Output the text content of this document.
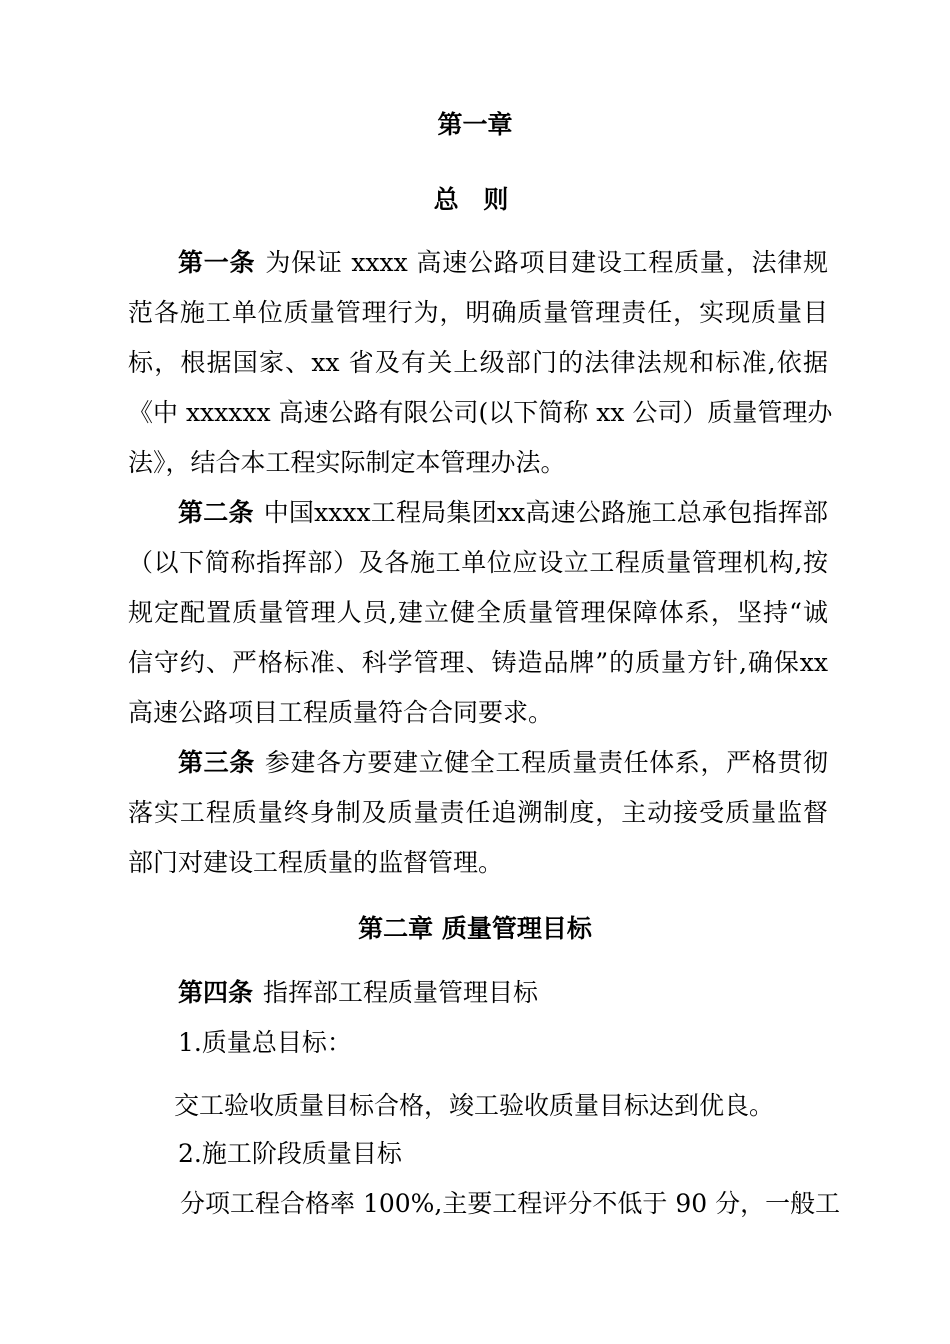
第一章

总 则

第一条 为保证 xxxx 高速公路项目建设工程质量，法律规

范各施工单位质量管理行为，明确质量管理责任，实现质量目

标，根据国家、xx 省及有关上级部门的法律法规和标准,依据

《中 xxxxxx 高速公路有限公司(以下简称 xx 公司）质量管理办

法》，结合本工程实际制定本管理办法。

第二条 中国xxxx工程局集团xx高速公路施工总承包指挥部

（以下简称指挥部）及各施工单位应设立工程质量管理机构,按

规定配置质量管理人员,建立健全质量管理保障体系，坚持“诚

信守约、严格标准、科学管理、铸造品牌”的质量方针,确保xx

高速公路项目工程质量符合合同要求。

第三条 参建各方要建立健全工程质量责任体系，严格贯彻

落实工程质量终身制及质量责任追溯制度，主动接受质量监督

部门对建设工程质量的监督管理。

第二章 质量管理目标

第四条 指挥部工程质量管理目标

1.质量总目标：

交工验收质量目标合格，竣工验收质量目标达到优良。

2.施工阶段质量目标

分项工程合格率 100%,主要工程评分不低于 90 分，一般工
